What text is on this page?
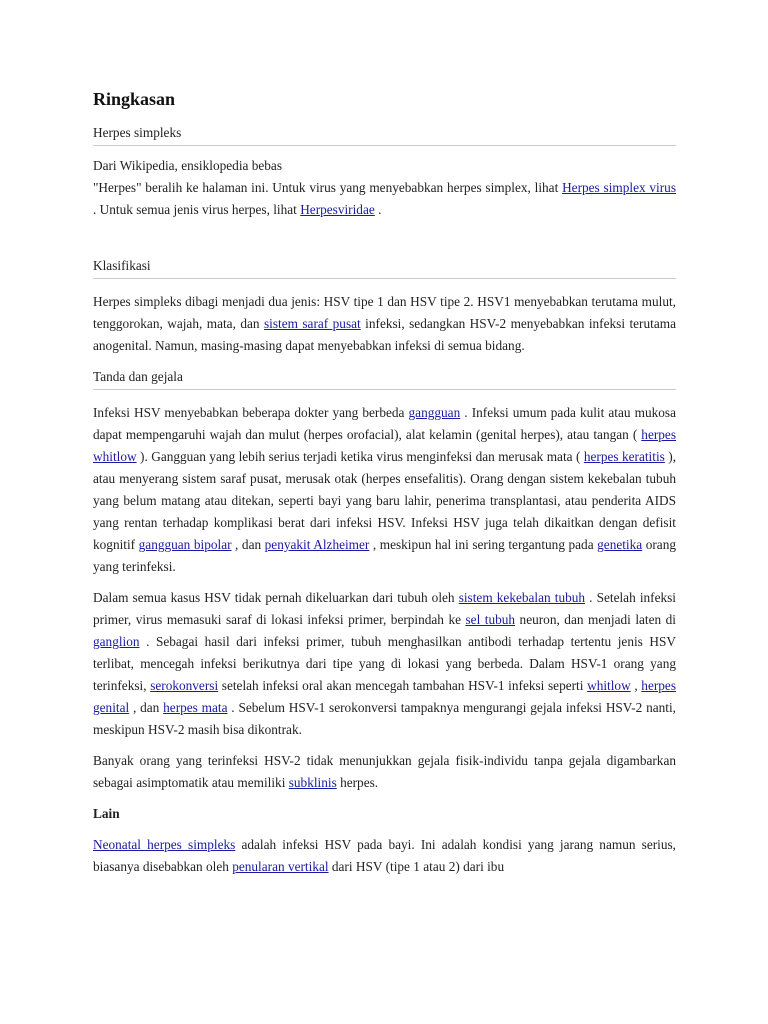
Ringkasan
Herpes simpleks
Dari Wikipedia, ensiklopedia bebas

"Herpes" beralih ke halaman ini. Untuk virus yang menyebabkan herpes simplex, lihat Herpes simplex virus . Untuk semua jenis virus herpes, lihat Herpesviridae .

Klasifikasi

Herpes simpleks dibagi menjadi dua jenis: HSV tipe 1 dan HSV tipe 2. HSV1 menyebabkan terutama mulut, tenggorokan, wajah, mata, dan sistem saraf pusat infeksi, sedangkan HSV-2 menyebabkan infeksi terutama anogenital. Namun, masing-masing dapat menyebabkan infeksi di semua bidang.

Tanda dan gejala

Infeksi HSV menyebabkan beberapa dokter yang berbeda gangguan . Infeksi umum pada kulit atau mukosa dapat mempengaruhi wajah dan mulut (herpes orofacial), alat kelamin (genital herpes), atau tangan ( herpes whitlow ). Gangguan yang lebih serius terjadi ketika virus menginfeksi dan merusak mata ( herpes keratitis ), atau menyerang sistem saraf pusat, merusak otak (herpes ensefalitis). Orang dengan sistem kekebalan tubuh yang belum matang atau ditekan, seperti bayi yang baru lahir, penerima transplantasi, atau penderita AIDS yang rentan terhadap komplikasi berat dari infeksi HSV. Infeksi HSV juga telah dikaitkan dengan defisit kognitif gangguan bipolar , dan penyakit Alzheimer , meskipun hal ini sering tergantung pada genetika orang yang terinfeksi.

Dalam semua kasus HSV tidak pernah dikeluarkan dari tubuh oleh sistem kekebalan tubuh . Setelah infeksi primer, virus memasuki saraf di lokasi infeksi primer, berpindah ke sel tubuh neuron, dan menjadi laten di ganglion . Sebagai hasil dari infeksi primer, tubuh menghasilkan antibodi terhadap tertentu jenis HSV terlibat, mencegah infeksi berikutnya dari tipe yang di lokasi yang berbeda. Dalam HSV-1 orang yang terinfeksi, serokonversi setelah infeksi oral akan mencegah tambahan HSV-1 infeksi seperti whitlow , herpes genital , dan herpes mata . Sebelum HSV-1 serokonversi tampaknya mengurangi gejala infeksi HSV-2 nanti, meskipun HSV-2 masih bisa dikontrak.

Banyak orang yang terinfeksi HSV-2 tidak menunjukkan gejala fisik-individu tanpa gejala digambarkan sebagai asimptomatik atau memiliki subklinis herpes.

Lain

Neonatal herpes simpleks adalah infeksi HSV pada bayi. Ini adalah kondisi yang jarang namun serius, biasanya disebabkan oleh penularan vertikal dari HSV (tipe 1 atau 2) dari ibu
